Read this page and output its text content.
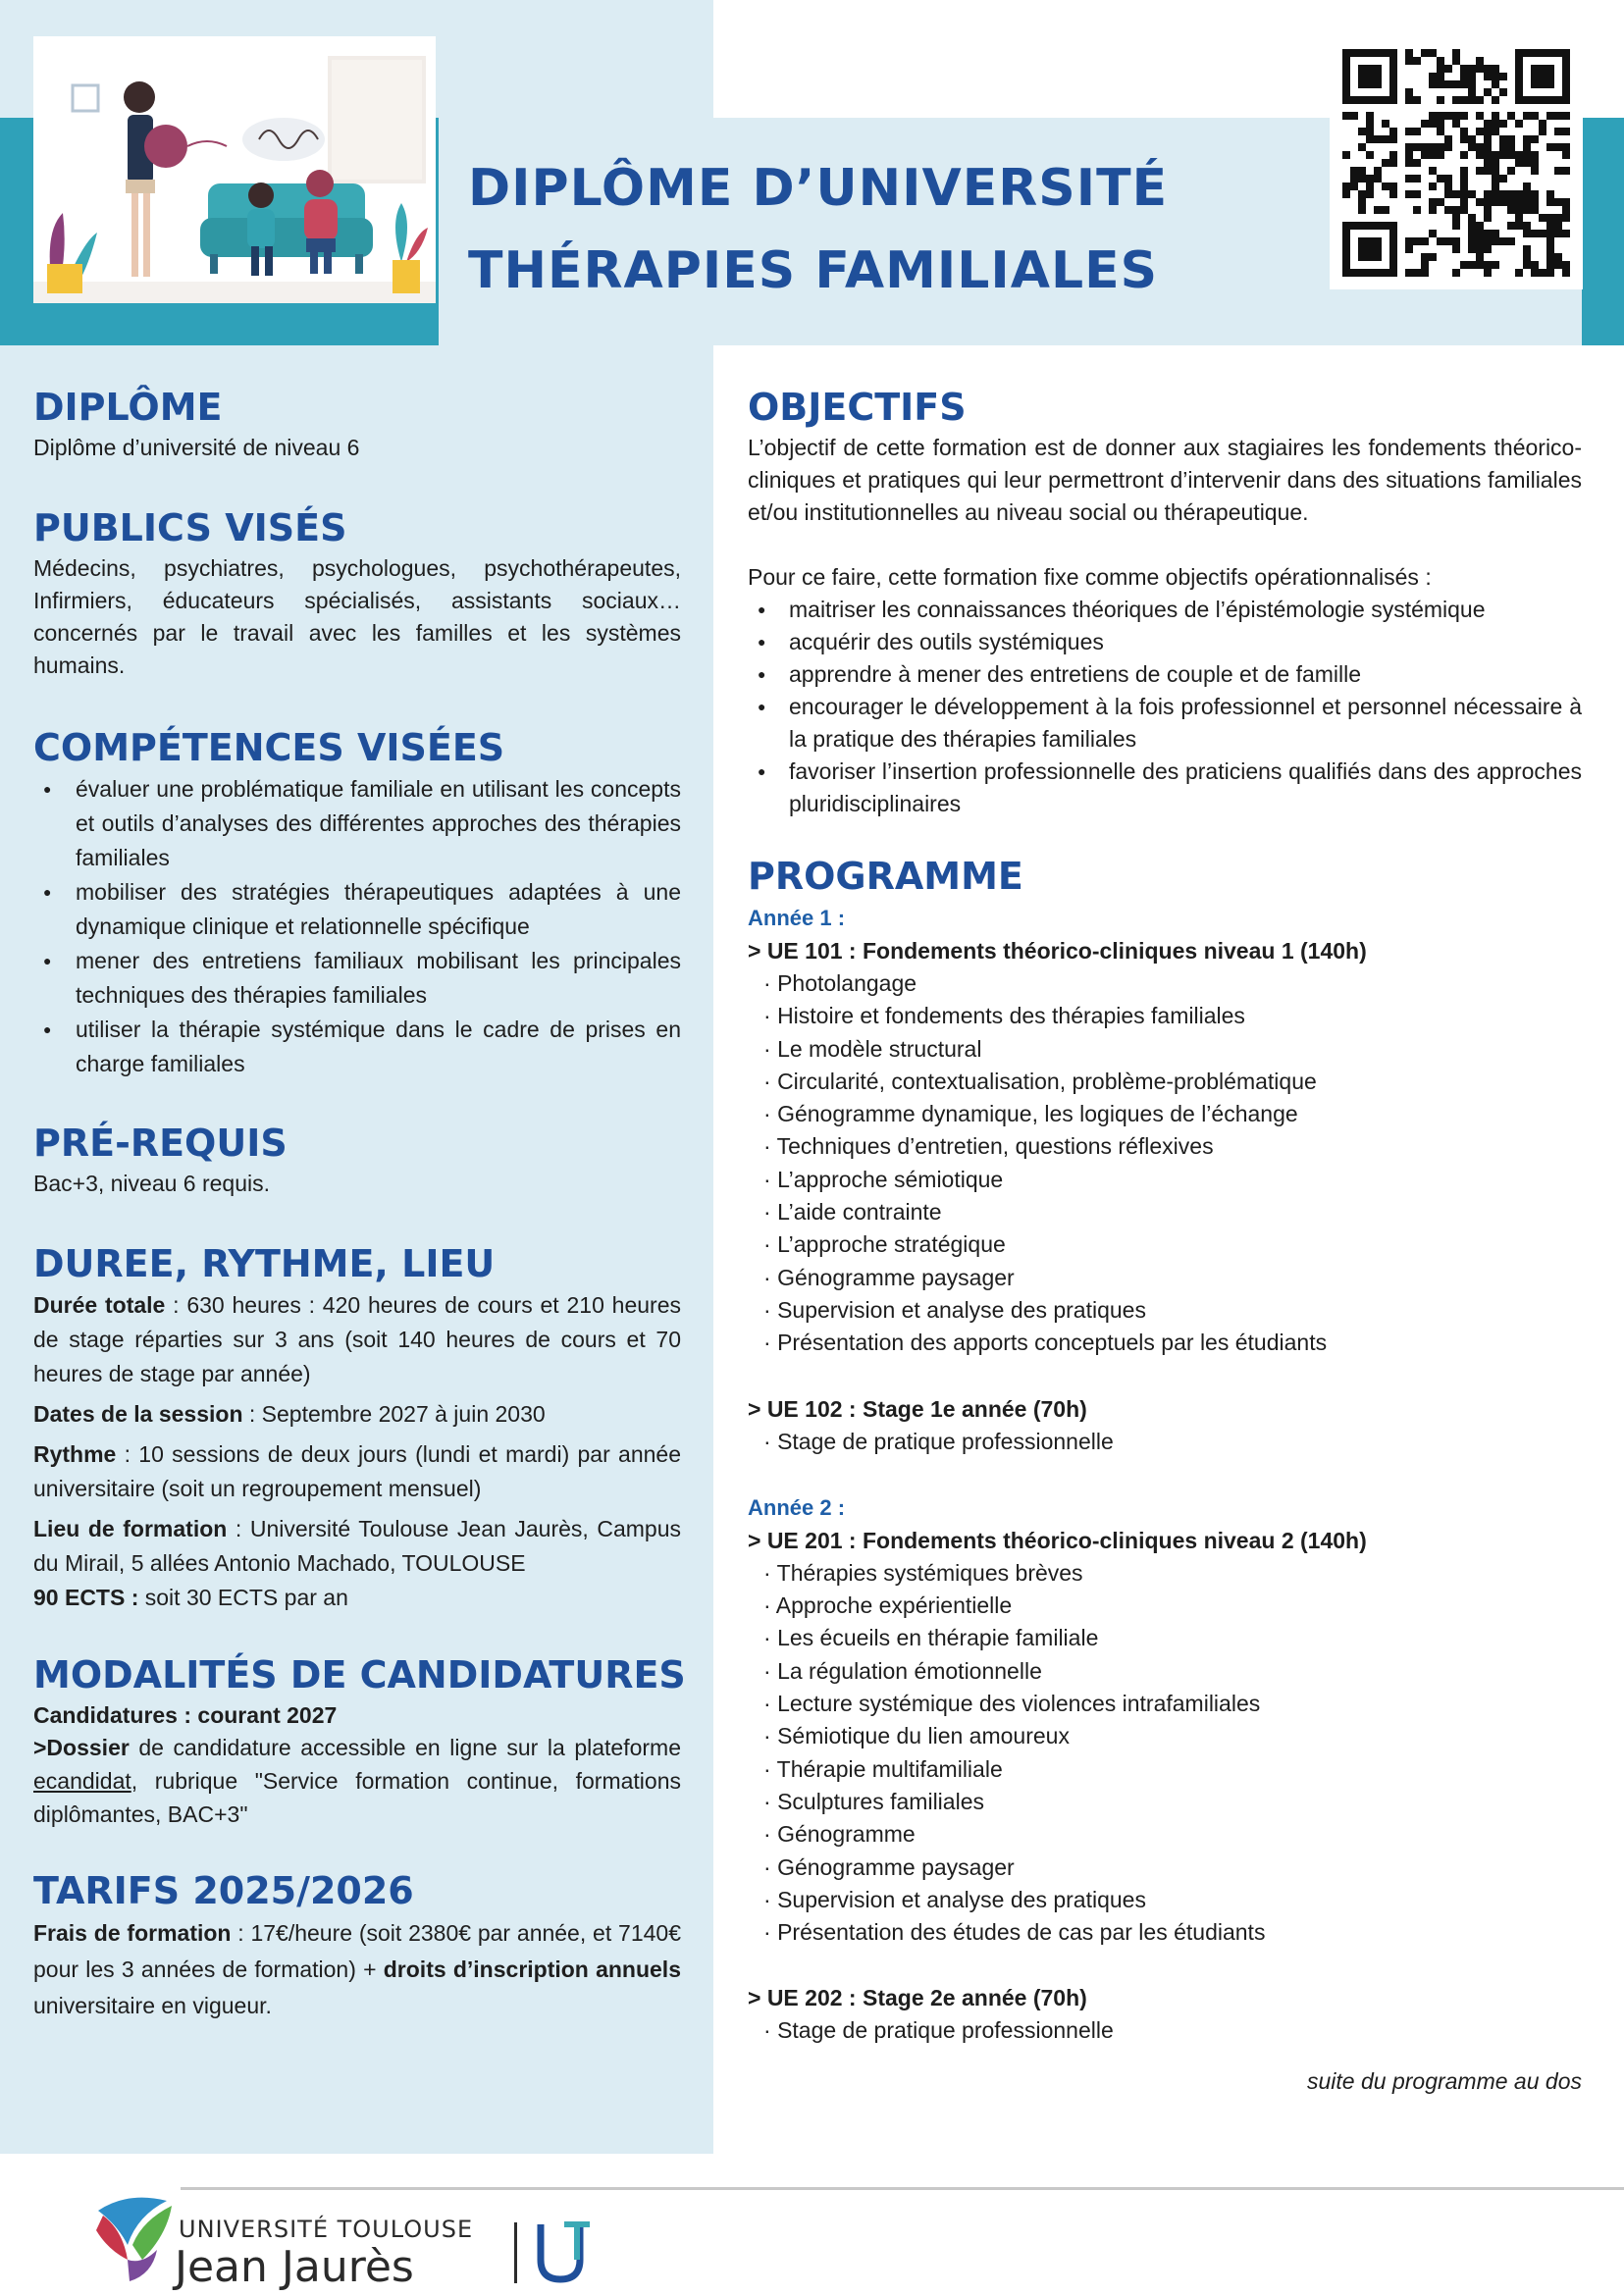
DIPLÔME D’UNIVERSITÉ
THÉRAPIES FAMILIALES
DIPLÔME
Diplôme d’université de niveau 6
PUBLICS VISÉS
Médecins, psychiatres, psychologues, psychothérapeutes, Infirmiers, éducateurs spécialisés, assistants sociaux… concernés par le travail avec les familles et les systèmes humains.
COMPÉTENCES VISÉES
● évaluer une problématique familiale en utilisant les concepts et outils d’analyses des différentes approches des thérapies familiales
● mobiliser des stratégies thérapeutiques adaptées à une dynamique clinique et relationnelle spécifique
● mener des entretiens familiaux mobilisant les principales techniques des thérapies familiales
● utiliser la thérapie systémique dans le cadre de prises en charge familiales
PRÉ-REQUIS
Bac+3, niveau 6 requis.
DUREE, RYTHME, LIEU
Durée totale : 630 heures : 420 heures de cours et 210 heures de stage réparties sur 3 ans (soit 140 heures de cours et 70 heures de stage par année)
Dates de la session : Septembre 2027 à juin 2030
Rythme : 10 sessions de deux jours (lundi et mardi) par année universitaire (soit un regroupement mensuel)
Lieu de formation : Université Toulouse Jean Jaurès, Campus du Mirail, 5 allées Antonio Machado, TOULOUSE
90 ECTS : soit 30 ECTS par an
MODALITÉS DE CANDIDATURES
Candidatures : courant 2027
>Dossier de candidature accessible en ligne sur la plateforme ecandidat, rubrique "Service formation continue, formations diplômantes, BAC+3"
TARIFS 2025/2026
Frais de formation : 17€/heure (soit 2380€ par année, et 7140€ pour les 3 années de formation) + droits d’inscription annuels universitaire en vigueur.
OBJECTIFS
L’objectif de cette formation est de donner aux stagiaires les fondements théorico-cliniques et pratiques qui leur permettront d’intervenir dans des situations familiales et/ou institutionnelles au niveau social ou thérapeutique.
Pour ce faire, cette formation fixe comme objectifs opérationnalisés :
● maitriser les connaissances théoriques de l’épistémologie systémique
● acquérir des outils systémiques
● apprendre à mener des entretiens de couple et de famille
● encourager le développement à la fois professionnel et personnel nécessaire à la pratique des thérapies familiales
● favoriser l’insertion professionnelle des praticiens qualifiés dans des approches pluridisciplinaires
PROGRAMME
Année 1 :
> UE 101 : Fondements théorico-cliniques niveau 1 (140h)
· Photolangage
· Histoire et fondements des thérapies familiales
· Le modèle structural
· Circularité, contextualisation, problème-problématique
· Génogramme dynamique, les logiques de l’échange
· Techniques d’entretien, questions réflexives
· L’approche sémiotique
· L’aide contrainte
· L’approche stratégique
· Génogramme paysager
· Supervision et analyse des pratiques
· Présentation des apports conceptuels par les étudiants
> UE 102 : Stage 1e année (70h)
· Stage de pratique professionnelle
Année 2 :
> UE 201 : Fondements théorico-cliniques niveau 2 (140h)
· Thérapies systémiques brèves
· Approche expérientielle
· Les écueils en thérapie familiale
· La régulation émotionnelle
· Lecture systémique des violences intrafamiliales
· Sémiotique du lien amoureux
· Thérapie multifamiliale
· Sculptures familiales
· Génogramme
· Génogramme paysager
· Supervision et analyse des pratiques
· Présentation des études de cas par les étudiants
> UE 202 : Stage 2e année (70h)
· Stage de pratique professionnelle
suite du programme au dos
UNIVERSITÉ TOULOUSE
Jean Jaurès
